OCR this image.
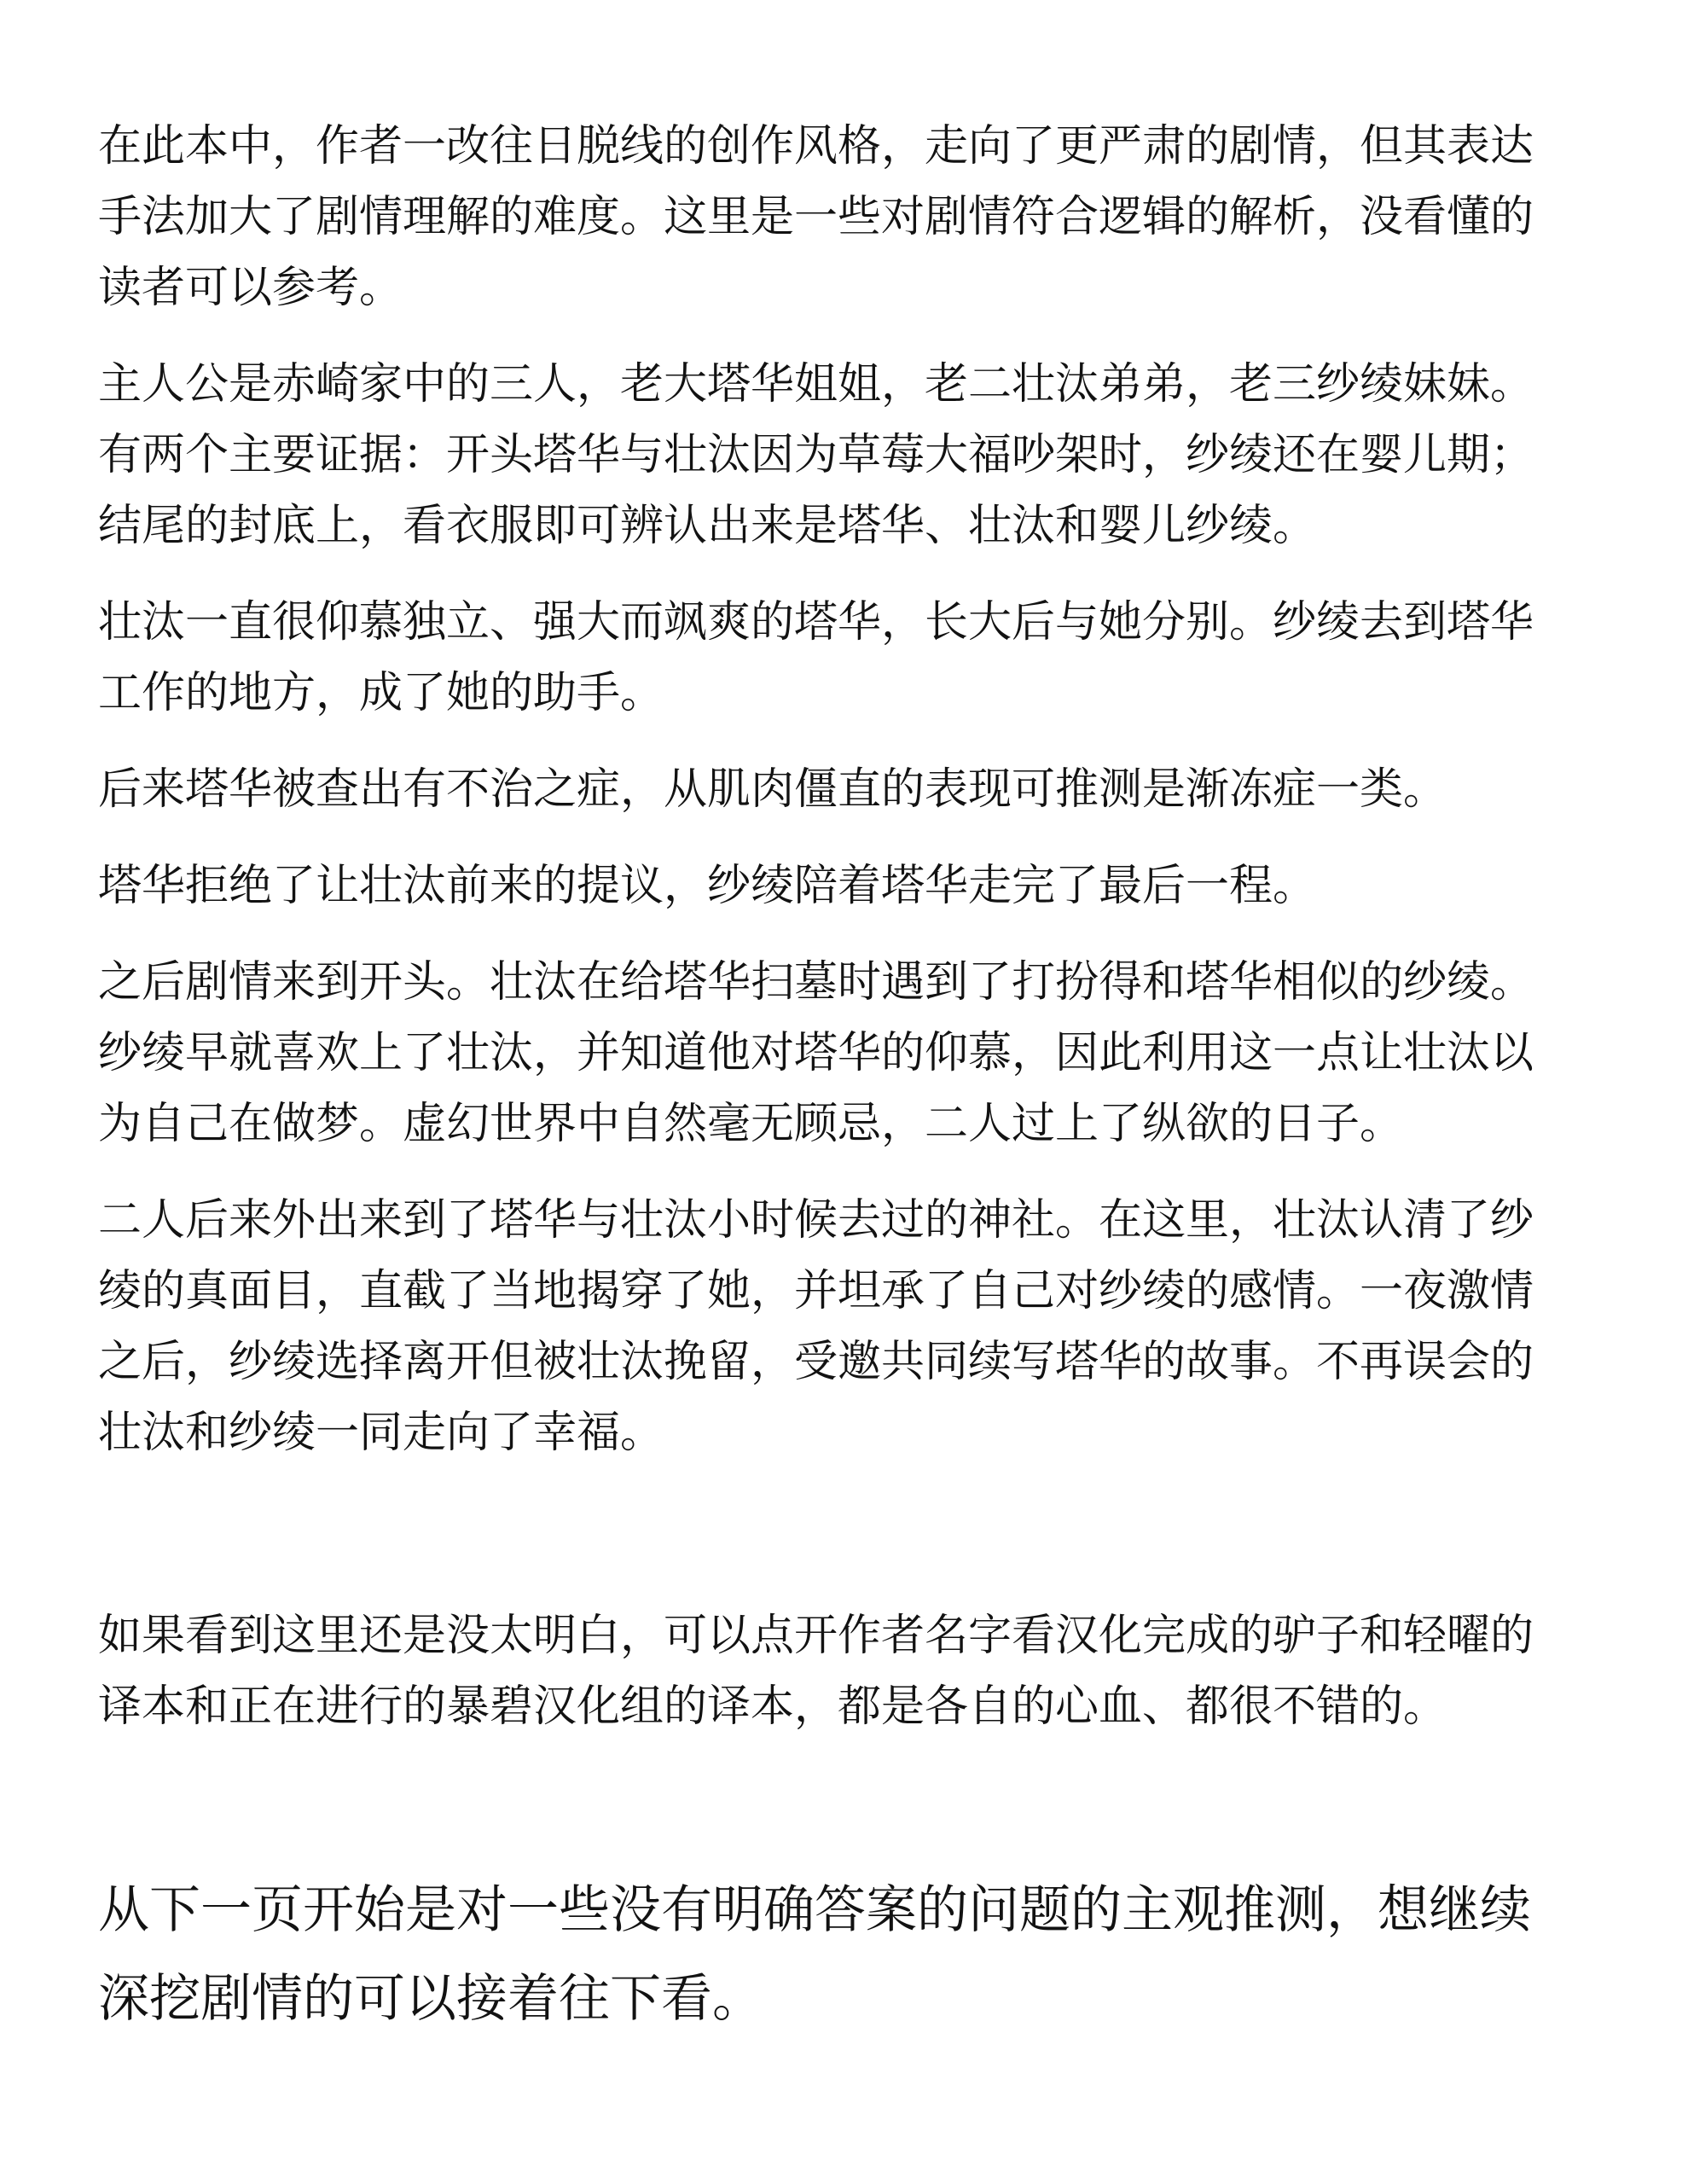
在此本中，作者一改往日脱线的创作风格，走向了更严肃的剧情，但其表达手法加大了剧情理解的难度。这里是一些对剧情符合逻辑的解析，没看懂的读者可以参考。

主人公是赤崎家中的三人，老大塔华姐姐，老二壮汰弟弟，老三纱绫妹妹。有两个主要证据：开头塔华与壮汰因为草莓大福吵架时，纱绫还在婴儿期；结尾的封底上，看衣服即可辨认出来是塔华、壮汰和婴儿纱绫。

壮汰一直很仰慕独立、强大而飒爽的塔华，长大后与她分别。纱绫去到塔华工作的地方，成了她的助手。

后来塔华被查出有不治之症，从肌肉僵直的表现可推测是渐冻症一类。

塔华拒绝了让壮汰前来的提议，纱绫陪着塔华走完了最后一程。

之后剧情来到开头。壮汰在给塔华扫墓时遇到了打扮得和塔华相似的纱绫。纱绫早就喜欢上了壮汰，并知道他对塔华的仰慕，因此利用这一点让壮汰以为自己在做梦。虚幻世界中自然毫无顾忌，二人过上了纵欲的日子。

二人后来外出来到了塔华与壮汰小时候去过的神社。在这里，壮汰认清了纱绫的真面目，直截了当地揭穿了她，并坦承了自己对纱绫的感情。一夜激情之后，纱绫选择离开但被壮汰挽留，受邀共同续写塔华的故事。不再误会的壮汰和纱绫一同走向了幸福。

如果看到这里还是没太明白，可以点开作者名字看汉化完成的驴子和轻曜的译本和正在进行的暴碧汉化组的译本，都是各自的心血、都很不错的。

从下一页开始是对一些没有明确答案的问题的主观推测，想继续深挖剧情的可以接着往下看。
